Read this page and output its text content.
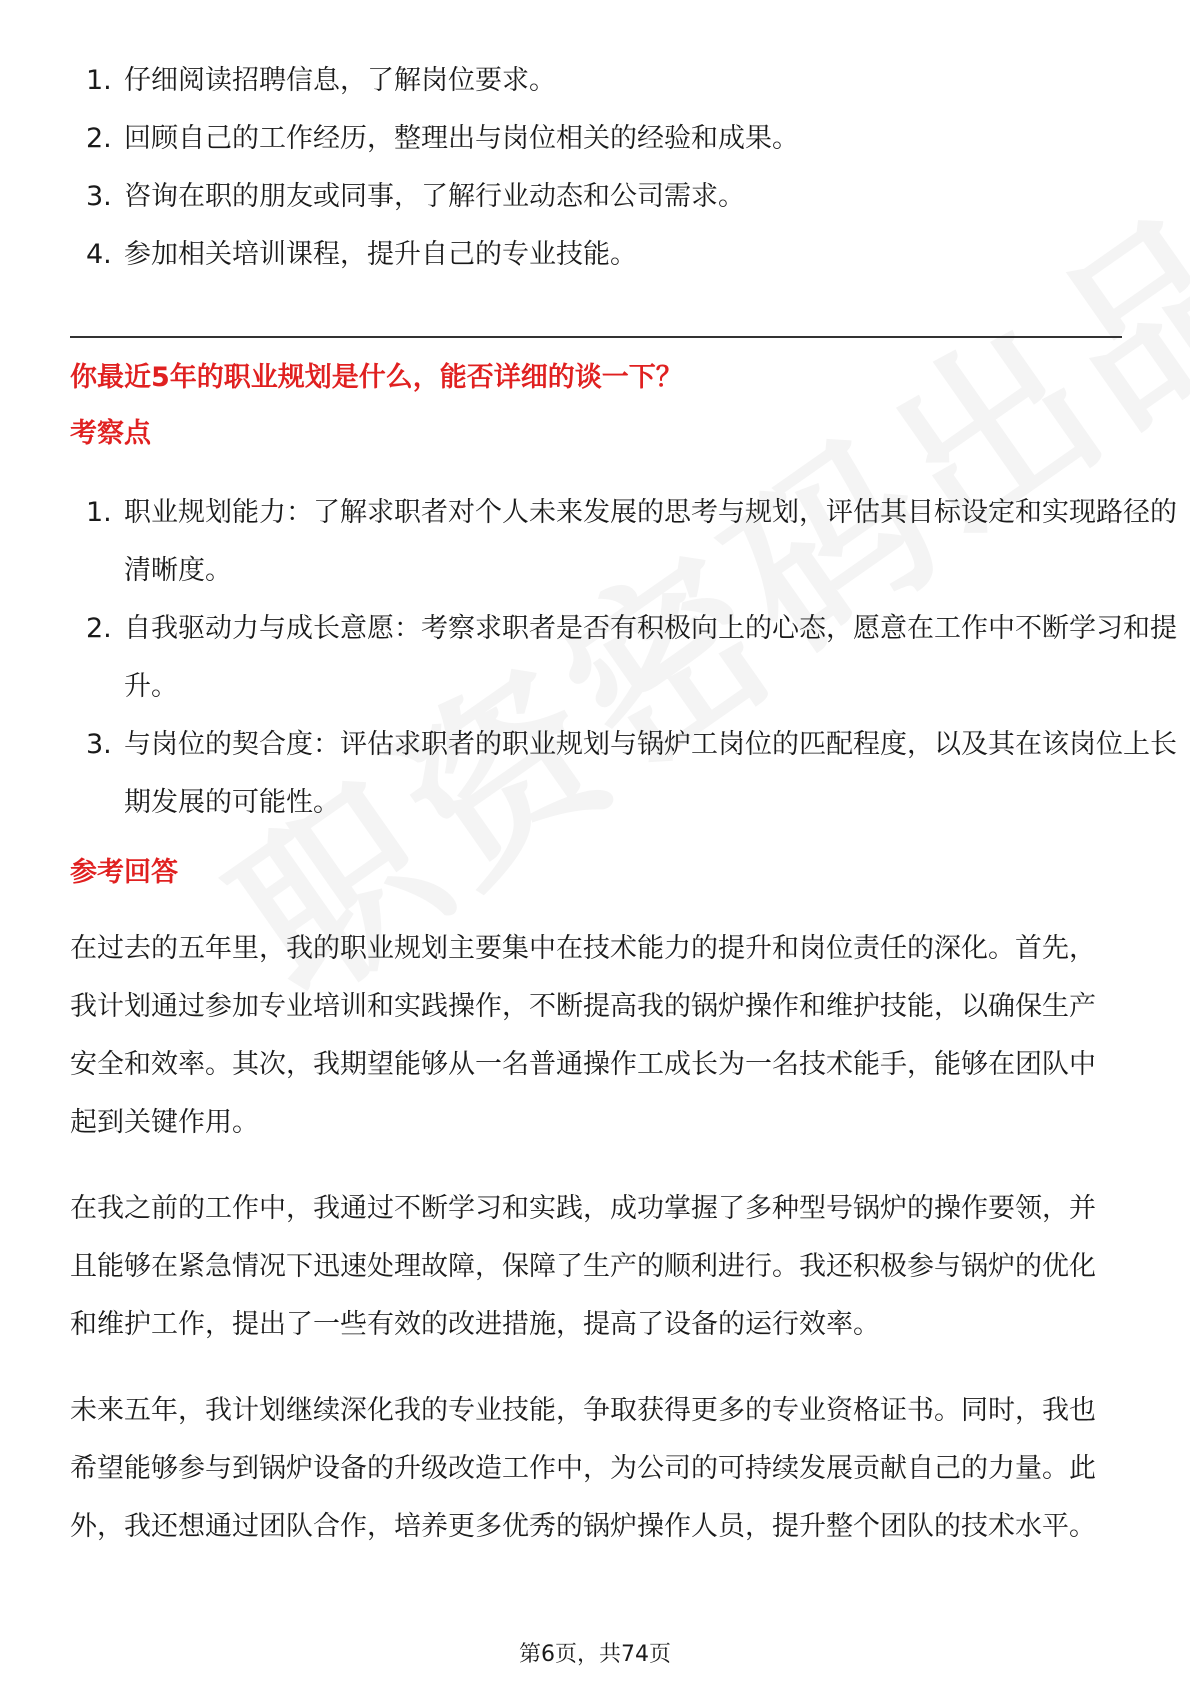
1. 仔细阅读招聘信息，了解岗位要求。
2. 回顾自己的工作经历，整理出与岗位相关的经验和成果。
3. 咨询在职的朋友或同事，了解行业动态和公司需求。
4. 参加相关培训课程，提升自己的专业技能。
你最近5年的职业规划是什么，能否详细的谈一下？
考察点
1. 职业规划能力：了解求职者对个人未来发展的思考与规划，评估其目标设定和实现路径的清晰度。
2. 自我驱动力与成长意愿：考察求职者是否有积极向上的心态，愿意在工作中不断学习和提升。
3. 与岗位的契合度：评估求职者的职业规划与锅炉工岗位的匹配程度，以及其在该岗位上长期发展的可能性。
参考回答

在过去的五年里，我的职业规划主要集中在技术能力的提升和岗位责任的深化。首先，我计划通过参加专业培训和实践操作，不断提高我的锅炉操作和维护技能，以确保生产安全和效率。其次，我期望能够从一名普通操作工成长为一名技术能手，能够在团队中起到关键作用。

在我之前的工作中，我通过不断学习和实践，成功掌握了多种型号锅炉的操作要领，并且能够在紧急情况下迅速处理故障，保障了生产的顺利进行。我还积极参与锅炉的优化和维护工作，提出了一些有效的改进措施，提高了设备的运行效率。

未来五年，我计划继续深化我的专业技能，争取获得更多的专业资格证书。同时，我也希望能够参与到锅炉设备的升级改造工作中，为公司的可持续发展贡献自己的力量。此外，我还想通过团队合作，培养更多优秀的锅炉操作人员，提升整个团队的技术水平。

第6页，共74页
